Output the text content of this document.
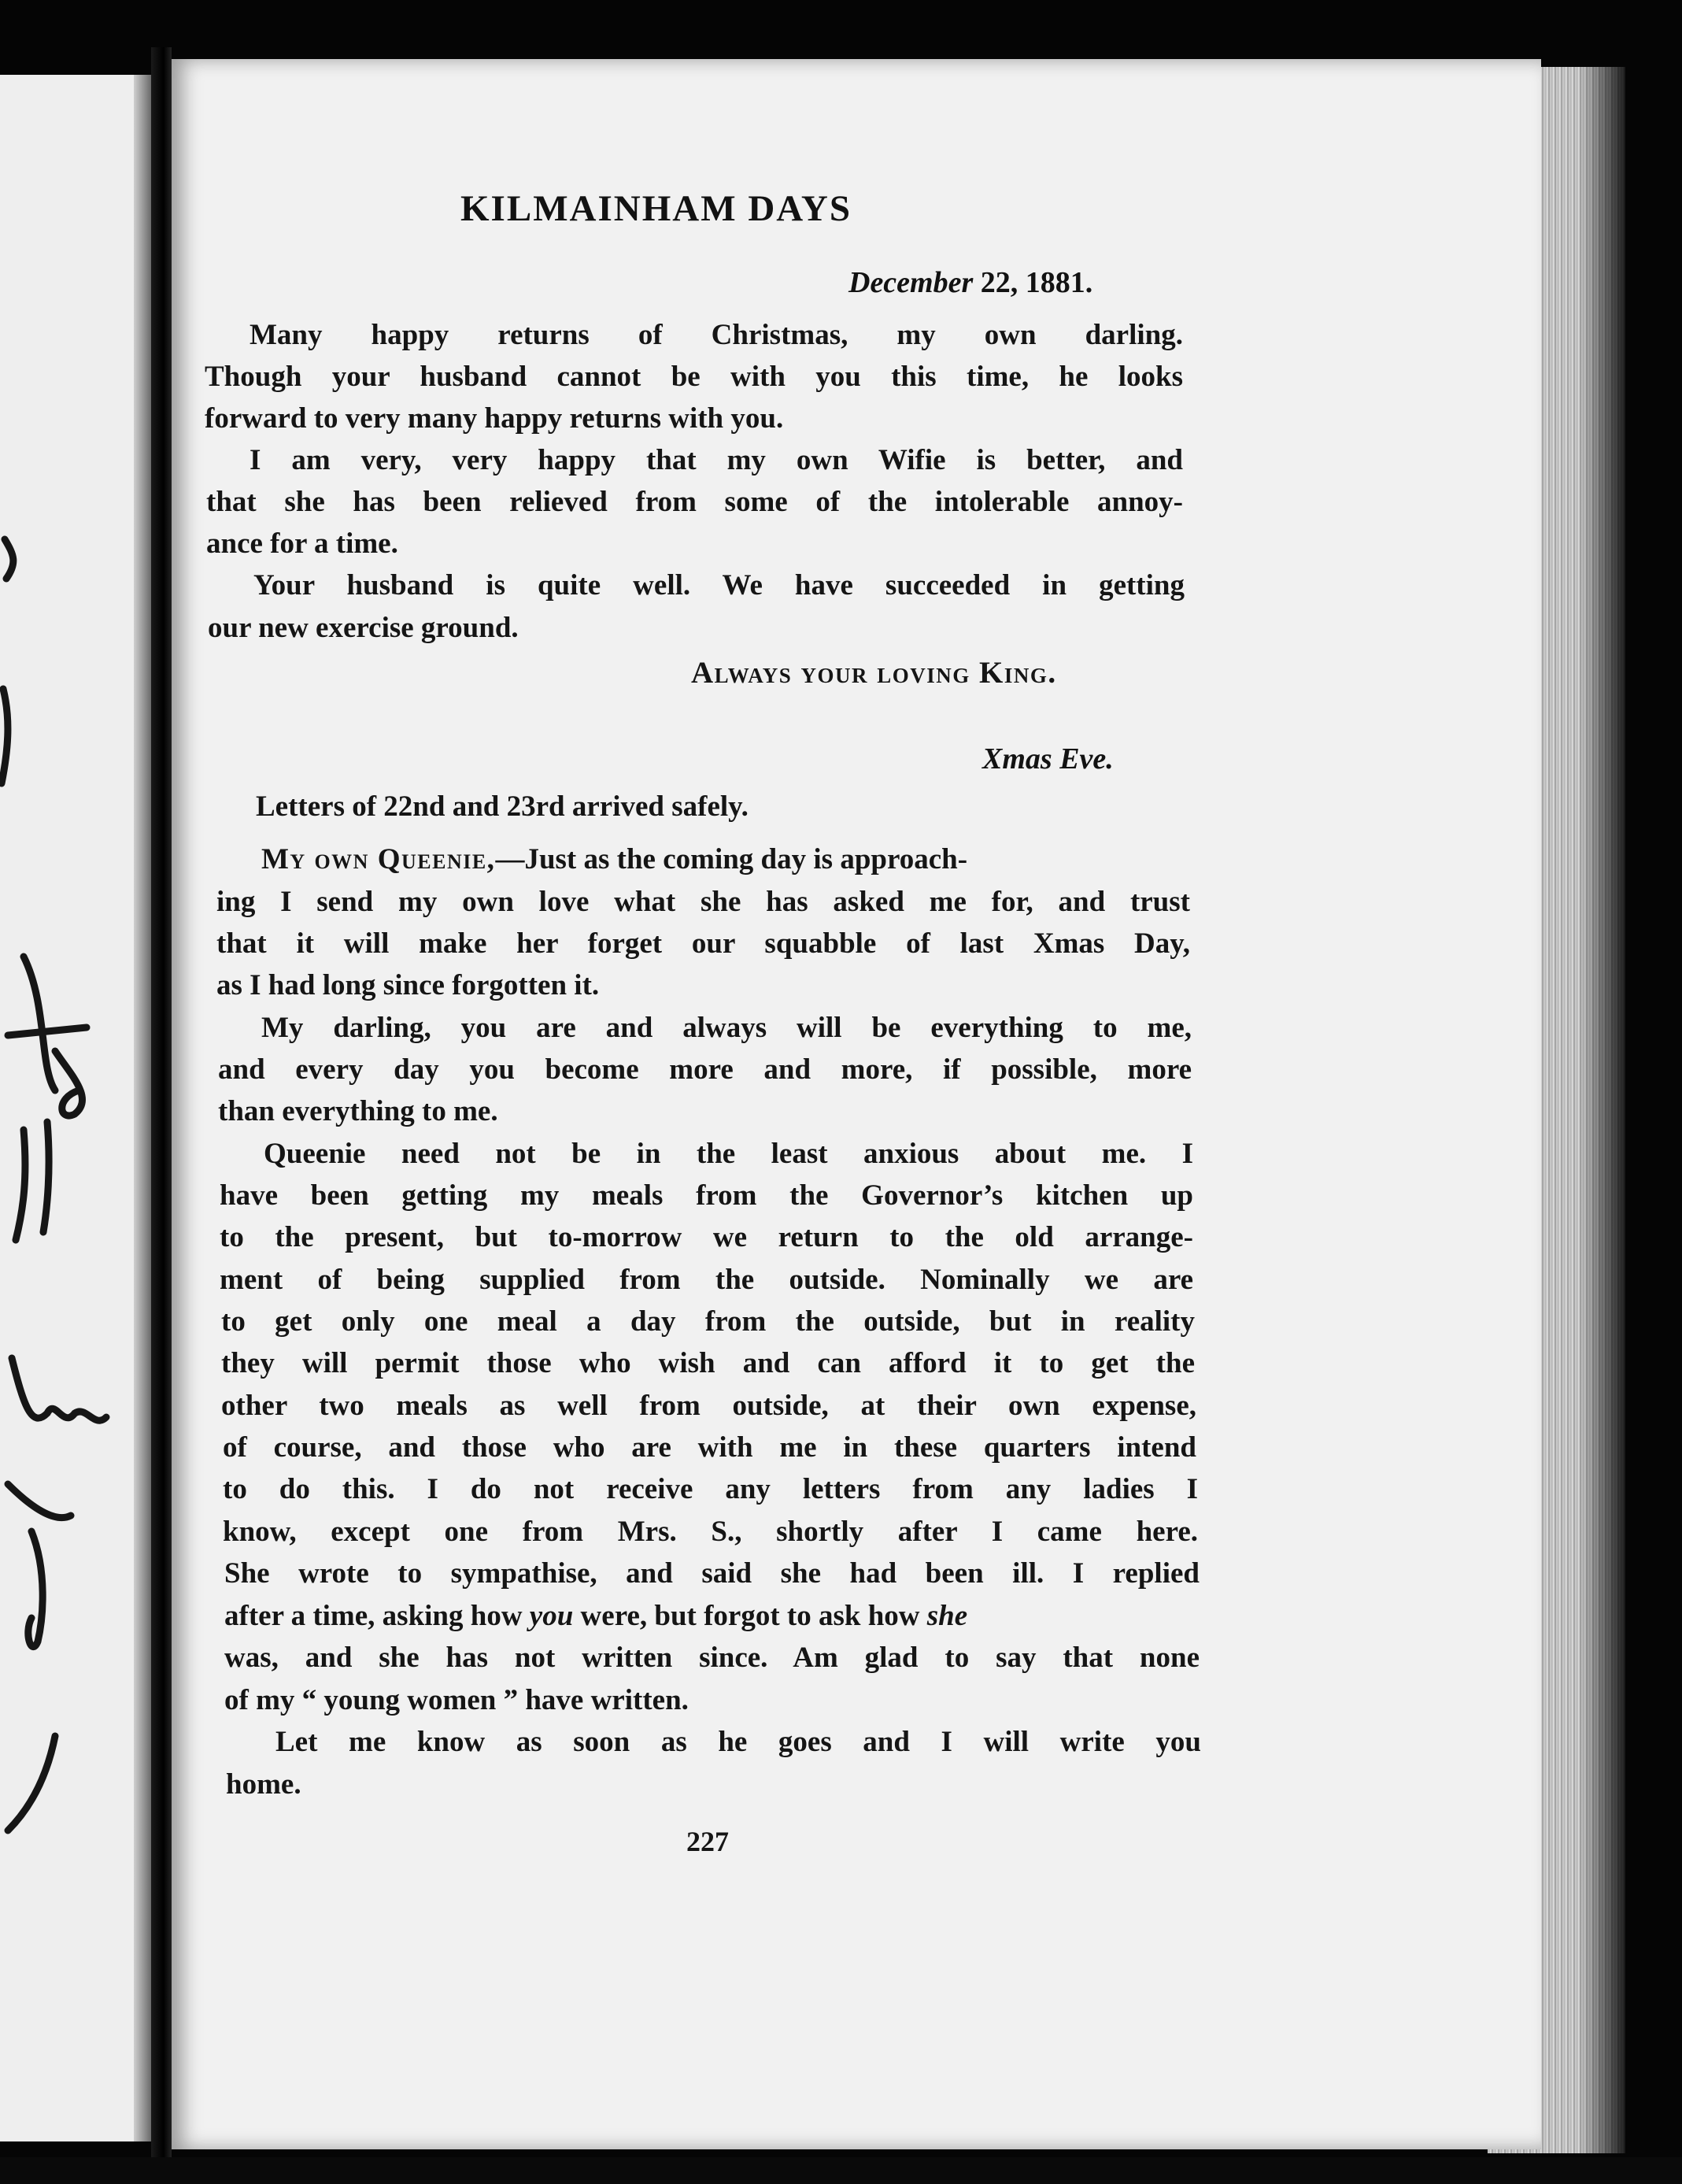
KILMAINHAM DAYS
December 22, 1881.
Many happy returns of Christmas, my own darling.
Though your husband cannot be with you this time, he looks
forward to very many happy returns with you.
I am very, very happy that my own Wifie is better, and
that she has been relieved from some of the intolerable annoy-
ance for a time.
Your husband is quite well. We have succeeded in getting
our new exercise ground.
Always your loving King.
Xmas Eve.
Letters of 22nd and 23rd arrived safely.
My own Queenie,—Just as the coming day is approach-
ing I send my own love what she has asked me for, and trust
that it will make her forget our squabble of last Xmas Day,
as I had long since forgotten it.
My darling, you are and always will be everything to me,
and every day you become more and more, if possible, more
than everything to me.
Queenie need not be in the least anxious about me. I
have been getting my meals from the Governor’s kitchen up
to the present, but to-morrow we return to the old arrange-
ment of being supplied from the outside. Nominally we are
to get only one meal a day from the outside, but in reality
they will permit those who wish and can afford it to get the
other two meals as well from outside, at their own expense,
of course, and those who are with me in these quarters intend
to do this. I do not receive any letters from any ladies I
know, except one from Mrs. S., shortly after I came here.
She wrote to sympathise, and said she had been ill. I replied
after a time, asking how you were, but forgot to ask how she
was, and she has not written since. Am glad to say that none
of my “ young women ” have written.
Let me know as soon as he goes and I will write you
home.
227
